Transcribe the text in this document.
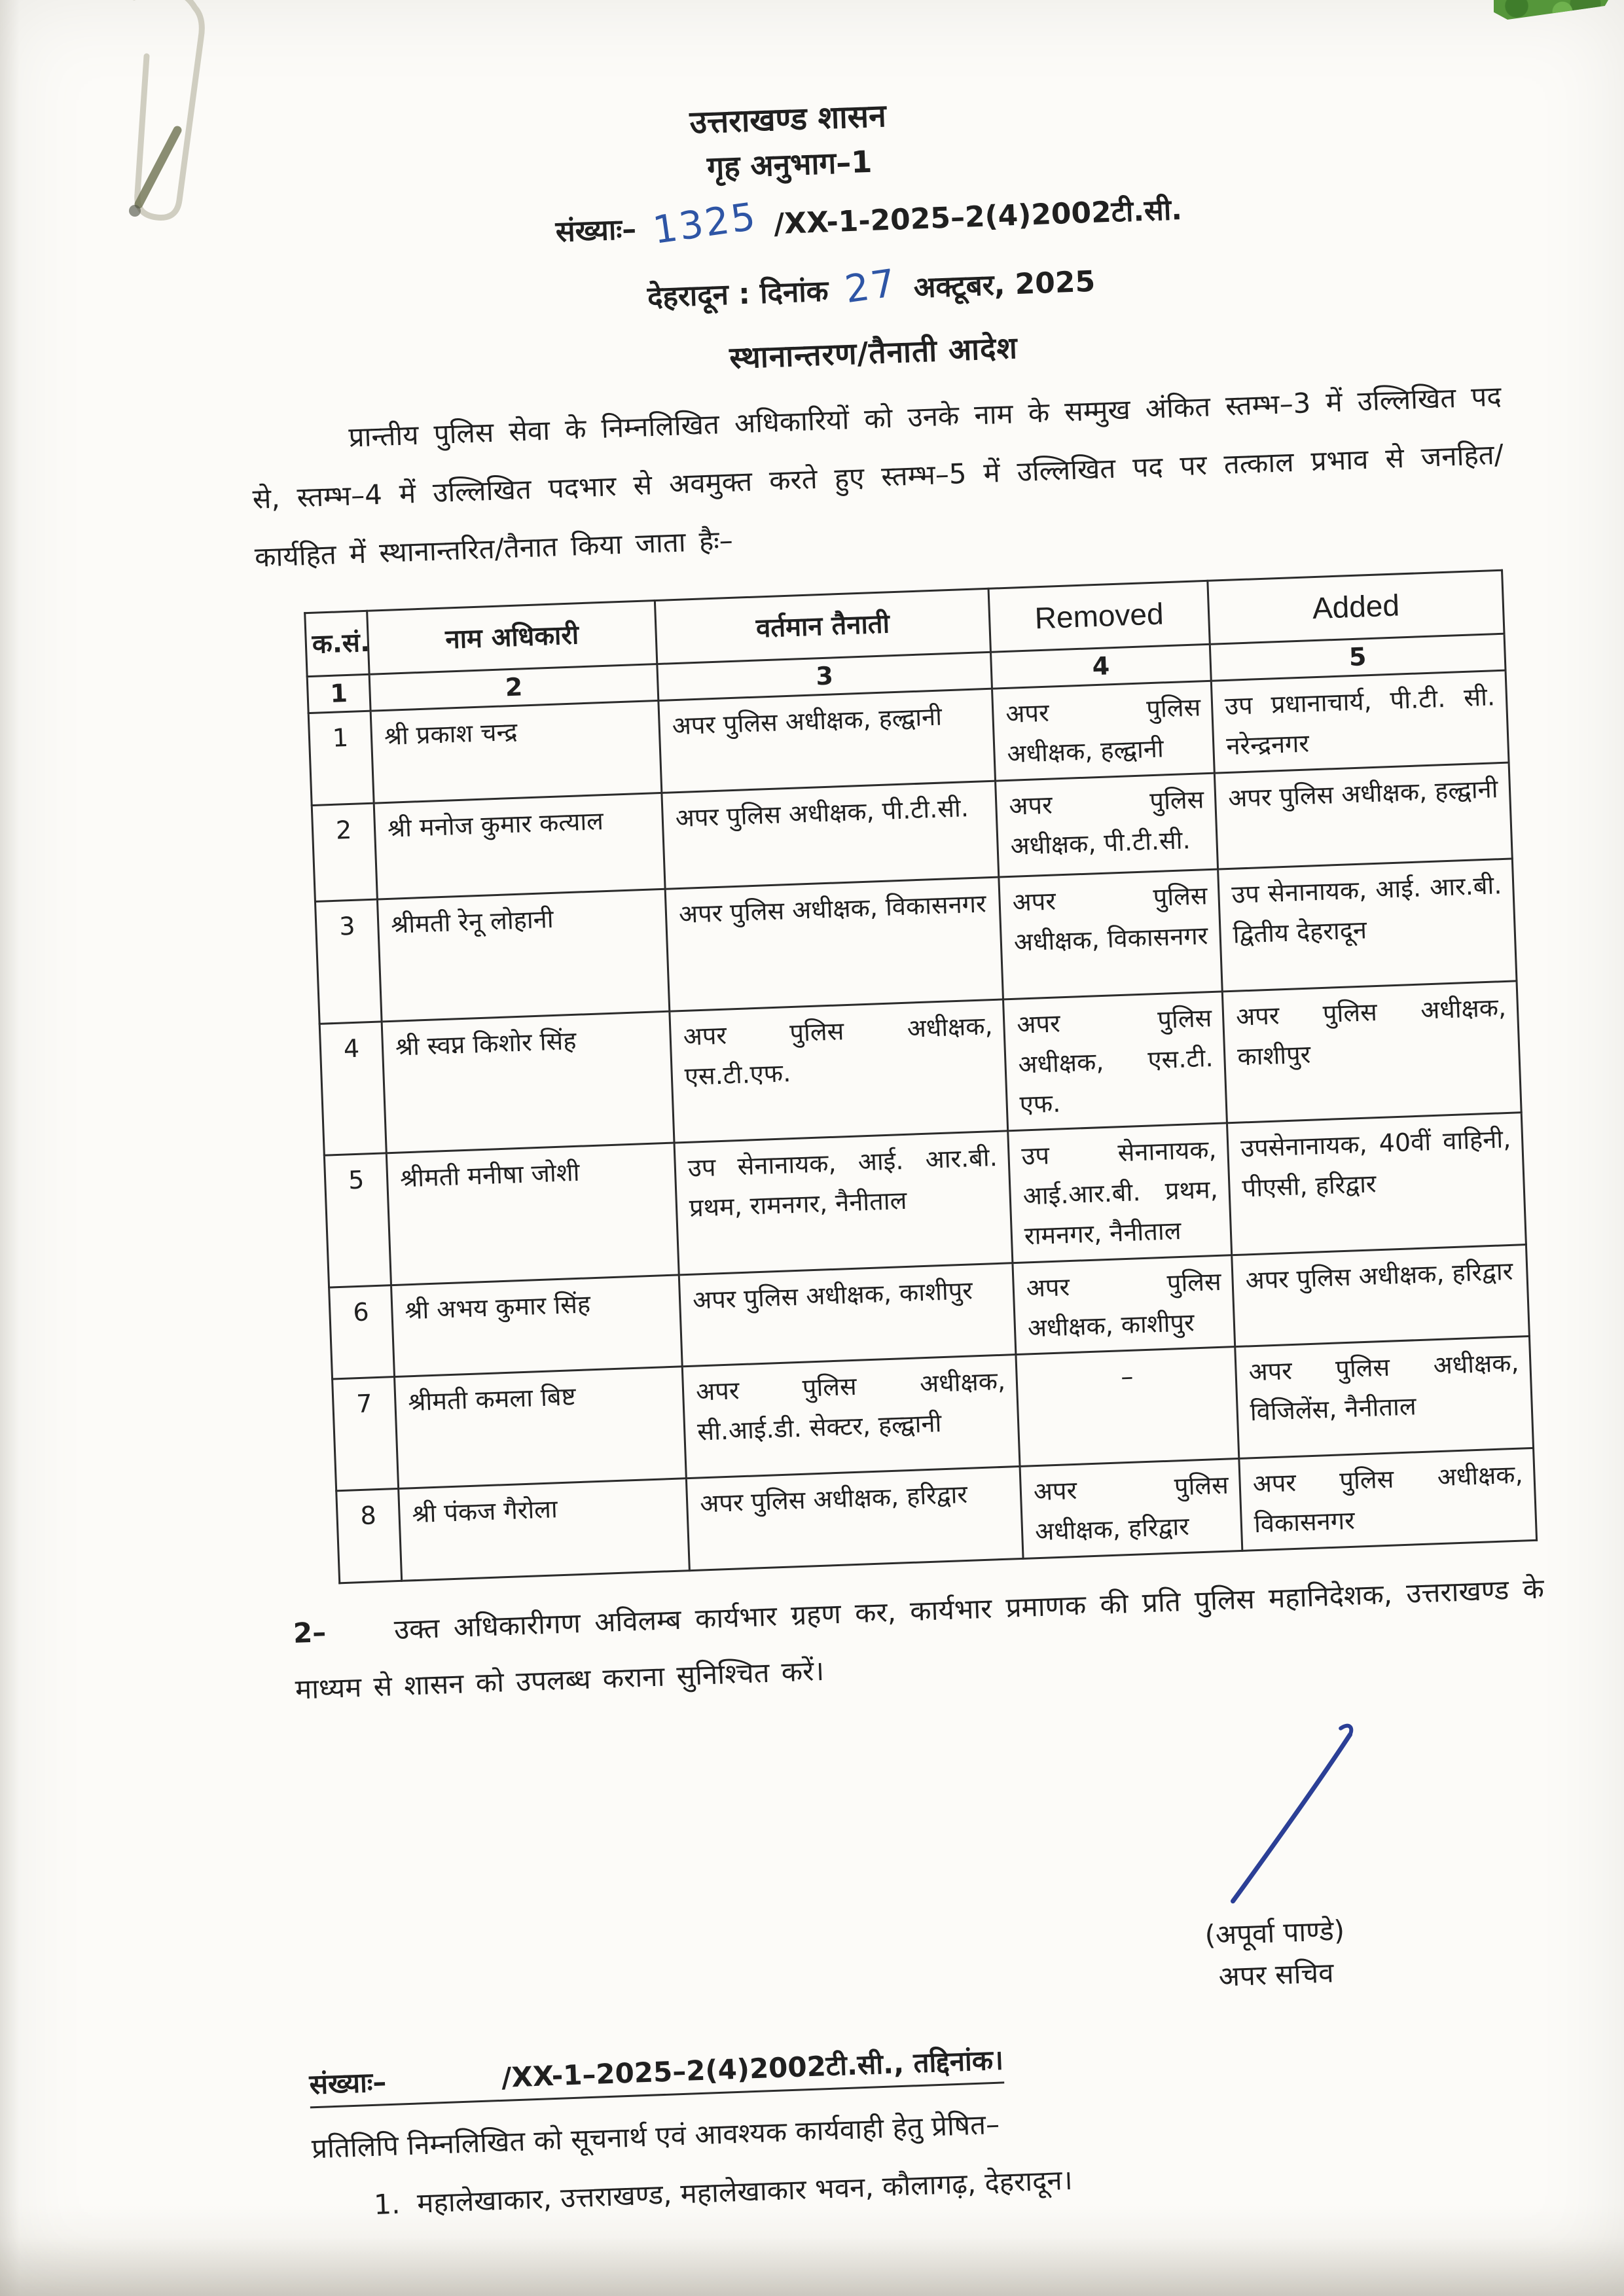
उत्तराखण्ड शासन
गृह अनुभाग–1
संख्याः– 1325 /XX-1-2025–2(4)2002टी.सी.
देहरादून : दिनांक 27 अक्टूबर, 2025
स्थानान्तरण/तैनाती आदेश

प्रान्तीय पुलिस सेवा के निम्नलिखित अधिकारियों को उनके नाम के सम्मुख अंकित स्तम्भ–3 में उल्लिखित पद से, स्तम्भ–4 में उल्लिखित पदभार से अवमुक्त करते हुए स्तम्भ–5 में उल्लिखित पद पर तत्काल प्रभाव से जनहित/कार्यहित में स्थानान्तरित/तैनात किया जाता हैः–

क.सं.	नाम अधिकारी	वर्तमान तैनाती	Removed	Added
1	2	3	4	5
1	श्री प्रकाश चन्द्र	अपर पुलिस अधीक्षक, हल्द्वानी	अपर पुलिस अधीक्षक, हल्द्वानी	उप प्रधानाचार्य, पी.टी. सी. नरेन्द्रनगर
2	श्री मनोज कुमार कत्याल	अपर पुलिस अधीक्षक, पी.टी.सी.	अपर पुलिस अधीक्षक, पी.टी.सी.	अपर पुलिस अधीक्षक, हल्द्वानी
3	श्रीमती रेनू लोहानी	अपर पुलिस अधीक्षक, विकासनगर	अपर पुलिस अधीक्षक, विकासनगर	उप सेनानायक, आई. आर.बी. द्वितीय देहरादून
4	श्री स्वप्न किशोर सिंह	अपर पुलिस अधीक्षक, एस.टी.एफ.	अपर पुलिस अधीक्षक, एस.टी. एफ.	अपर पुलिस अधीक्षक, काशीपुर
5	श्रीमती मनीषा जोशी	उप सेनानायक, आई. आर.बी. प्रथम, रामनगर, नैनीताल	उप सेनानायक, आई.आर.बी. प्रथम, रामनगर, नैनीताल	उपसेनानायक, 40वीं वाहिनी, पीएसी, हरिद्वार
6	श्री अभय कुमार सिंह	अपर पुलिस अधीक्षक, काशीपुर	अपर पुलिस अधीक्षक, काशीपुर	अपर पुलिस अधीक्षक, हरिद्वार
7	श्रीमती कमला बिष्ट	अपर पुलिस अधीक्षक, सी.आई.डी. सेक्टर, हल्द्वानी	–	अपर पुलिस अधीक्षक, विजिलेंस, नैनीताल
8	श्री पंकज गैरोला	अपर पुलिस अधीक्षक, हरिद्वार	अपर पुलिस अधीक्षक, हरिद्वार	अपर पुलिस अधीक्षक, विकासनगर

2– उक्त अधिकारीगण अविलम्ब कार्यभार ग्रहण कर, कार्यभार प्रमाणक की प्रति पुलिस महानिदेशक, उत्तराखण्ड के माध्यम से शासन को उपलब्ध कराना सुनिश्चित करें।

(अपूर्वा पाण्डे)
अपर सचिव
संख्याः–	/XX-1–2025–2(4)2002टी.सी., तद्दिनांक।
प्रतिलिपि निम्नलिखित को सूचनार्थ एवं आवश्यक कार्यवाही हेतु प्रेषित–
1. महालेखाकार, उत्तराखण्ड, महालेखाकार भवन, कौलागढ़, देहरादून।
